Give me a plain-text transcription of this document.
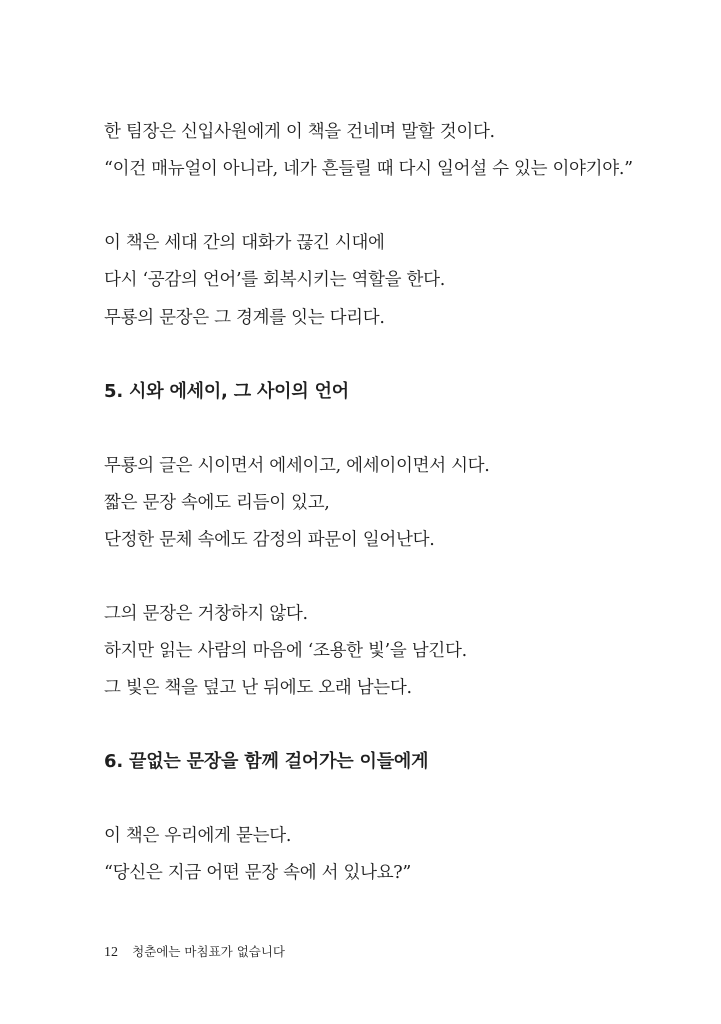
한 팀장은 신입사원에게 이 책을 건네며 말할 것이다.
“이건 매뉴얼이 아니라, 네가 흔들릴 때 다시 일어설 수 있는 이야기야.”
이 책은 세대 간의 대화가 끊긴 시대에
다시 ‘공감의 언어’를 회복시키는 역할을 한다.
무룡의 문장은 그 경계를 잇는 다리다.
5. 시와 에세이, 그 사이의 언어
무룡의 글은 시이면서 에세이고, 에세이이면서 시다.
짧은 문장 속에도 리듬이 있고,
단정한 문체 속에도 감정의 파문이 일어난다.
그의 문장은 거창하지 않다.
하지만 읽는 사람의 마음에 ‘조용한 빛’을 남긴다.
그 빛은 책을 덮고 난 뒤에도 오래 남는다.
6. 끝없는 문장을 함께 걸어가는 이들에게
이 책은 우리에게 묻는다.
“당신은 지금 어떤 문장 속에 서 있나요?”
12 청춘에는 마침표가 없습니다
